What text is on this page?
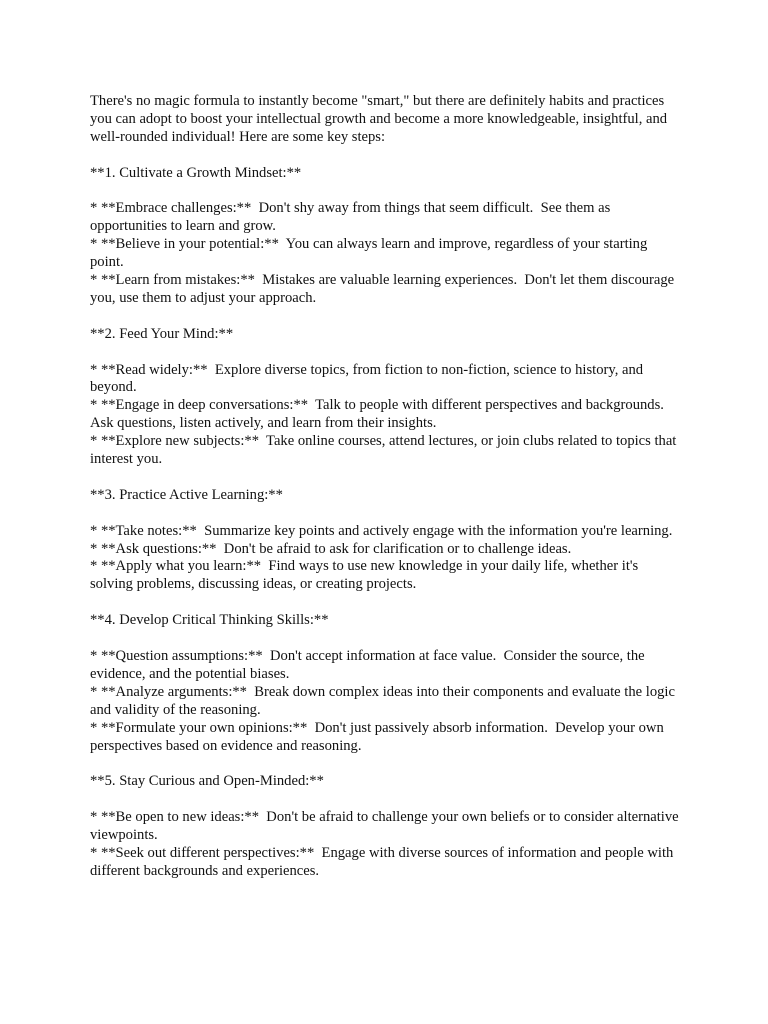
There's no magic formula to instantly become "smart," but there are definitely habits and practices you can adopt to boost your intellectual growth and become a more knowledgeable, insightful, and well-rounded individual! Here are some key steps:

**1. Cultivate a Growth Mindset:**

* **Embrace challenges:**  Don't shy away from things that seem difficult.  See them as opportunities to learn and grow.

* **Believe in your potential:**  You can always learn and improve, regardless of your starting point.

* **Learn from mistakes:**  Mistakes are valuable learning experiences.  Don't let them discourage you, use them to adjust your approach.

**2. Feed Your Mind:**

* **Read widely:**  Explore diverse topics, from fiction to non-fiction, science to history, and beyond.

* **Engage in deep conversations:**  Talk to people with different perspectives and backgrounds.  Ask questions, listen actively, and learn from their insights.

* **Explore new subjects:**  Take online courses, attend lectures, or join clubs related to topics that interest you.

**3. Practice Active Learning:**

* **Take notes:**  Summarize key points and actively engage with the information you're learning.

* **Ask questions:**  Don't be afraid to ask for clarification or to challenge ideas.

* **Apply what you learn:**  Find ways to use new knowledge in your daily life, whether it's solving problems, discussing ideas, or creating projects.

**4. Develop Critical Thinking Skills:**

* **Question assumptions:**  Don't accept information at face value.  Consider the source, the evidence, and the potential biases.

* **Analyze arguments:**  Break down complex ideas into their components and evaluate the logic and validity of the reasoning.

* **Formulate your own opinions:**  Don't just passively absorb information.  Develop your own perspectives based on evidence and reasoning.

**5. Stay Curious and Open-Minded:**

* **Be open to new ideas:**  Don't be afraid to challenge your own beliefs or to consider alternative viewpoints.

* **Seek out different perspectives:**  Engage with diverse sources of information and people with different backgrounds and experiences.
